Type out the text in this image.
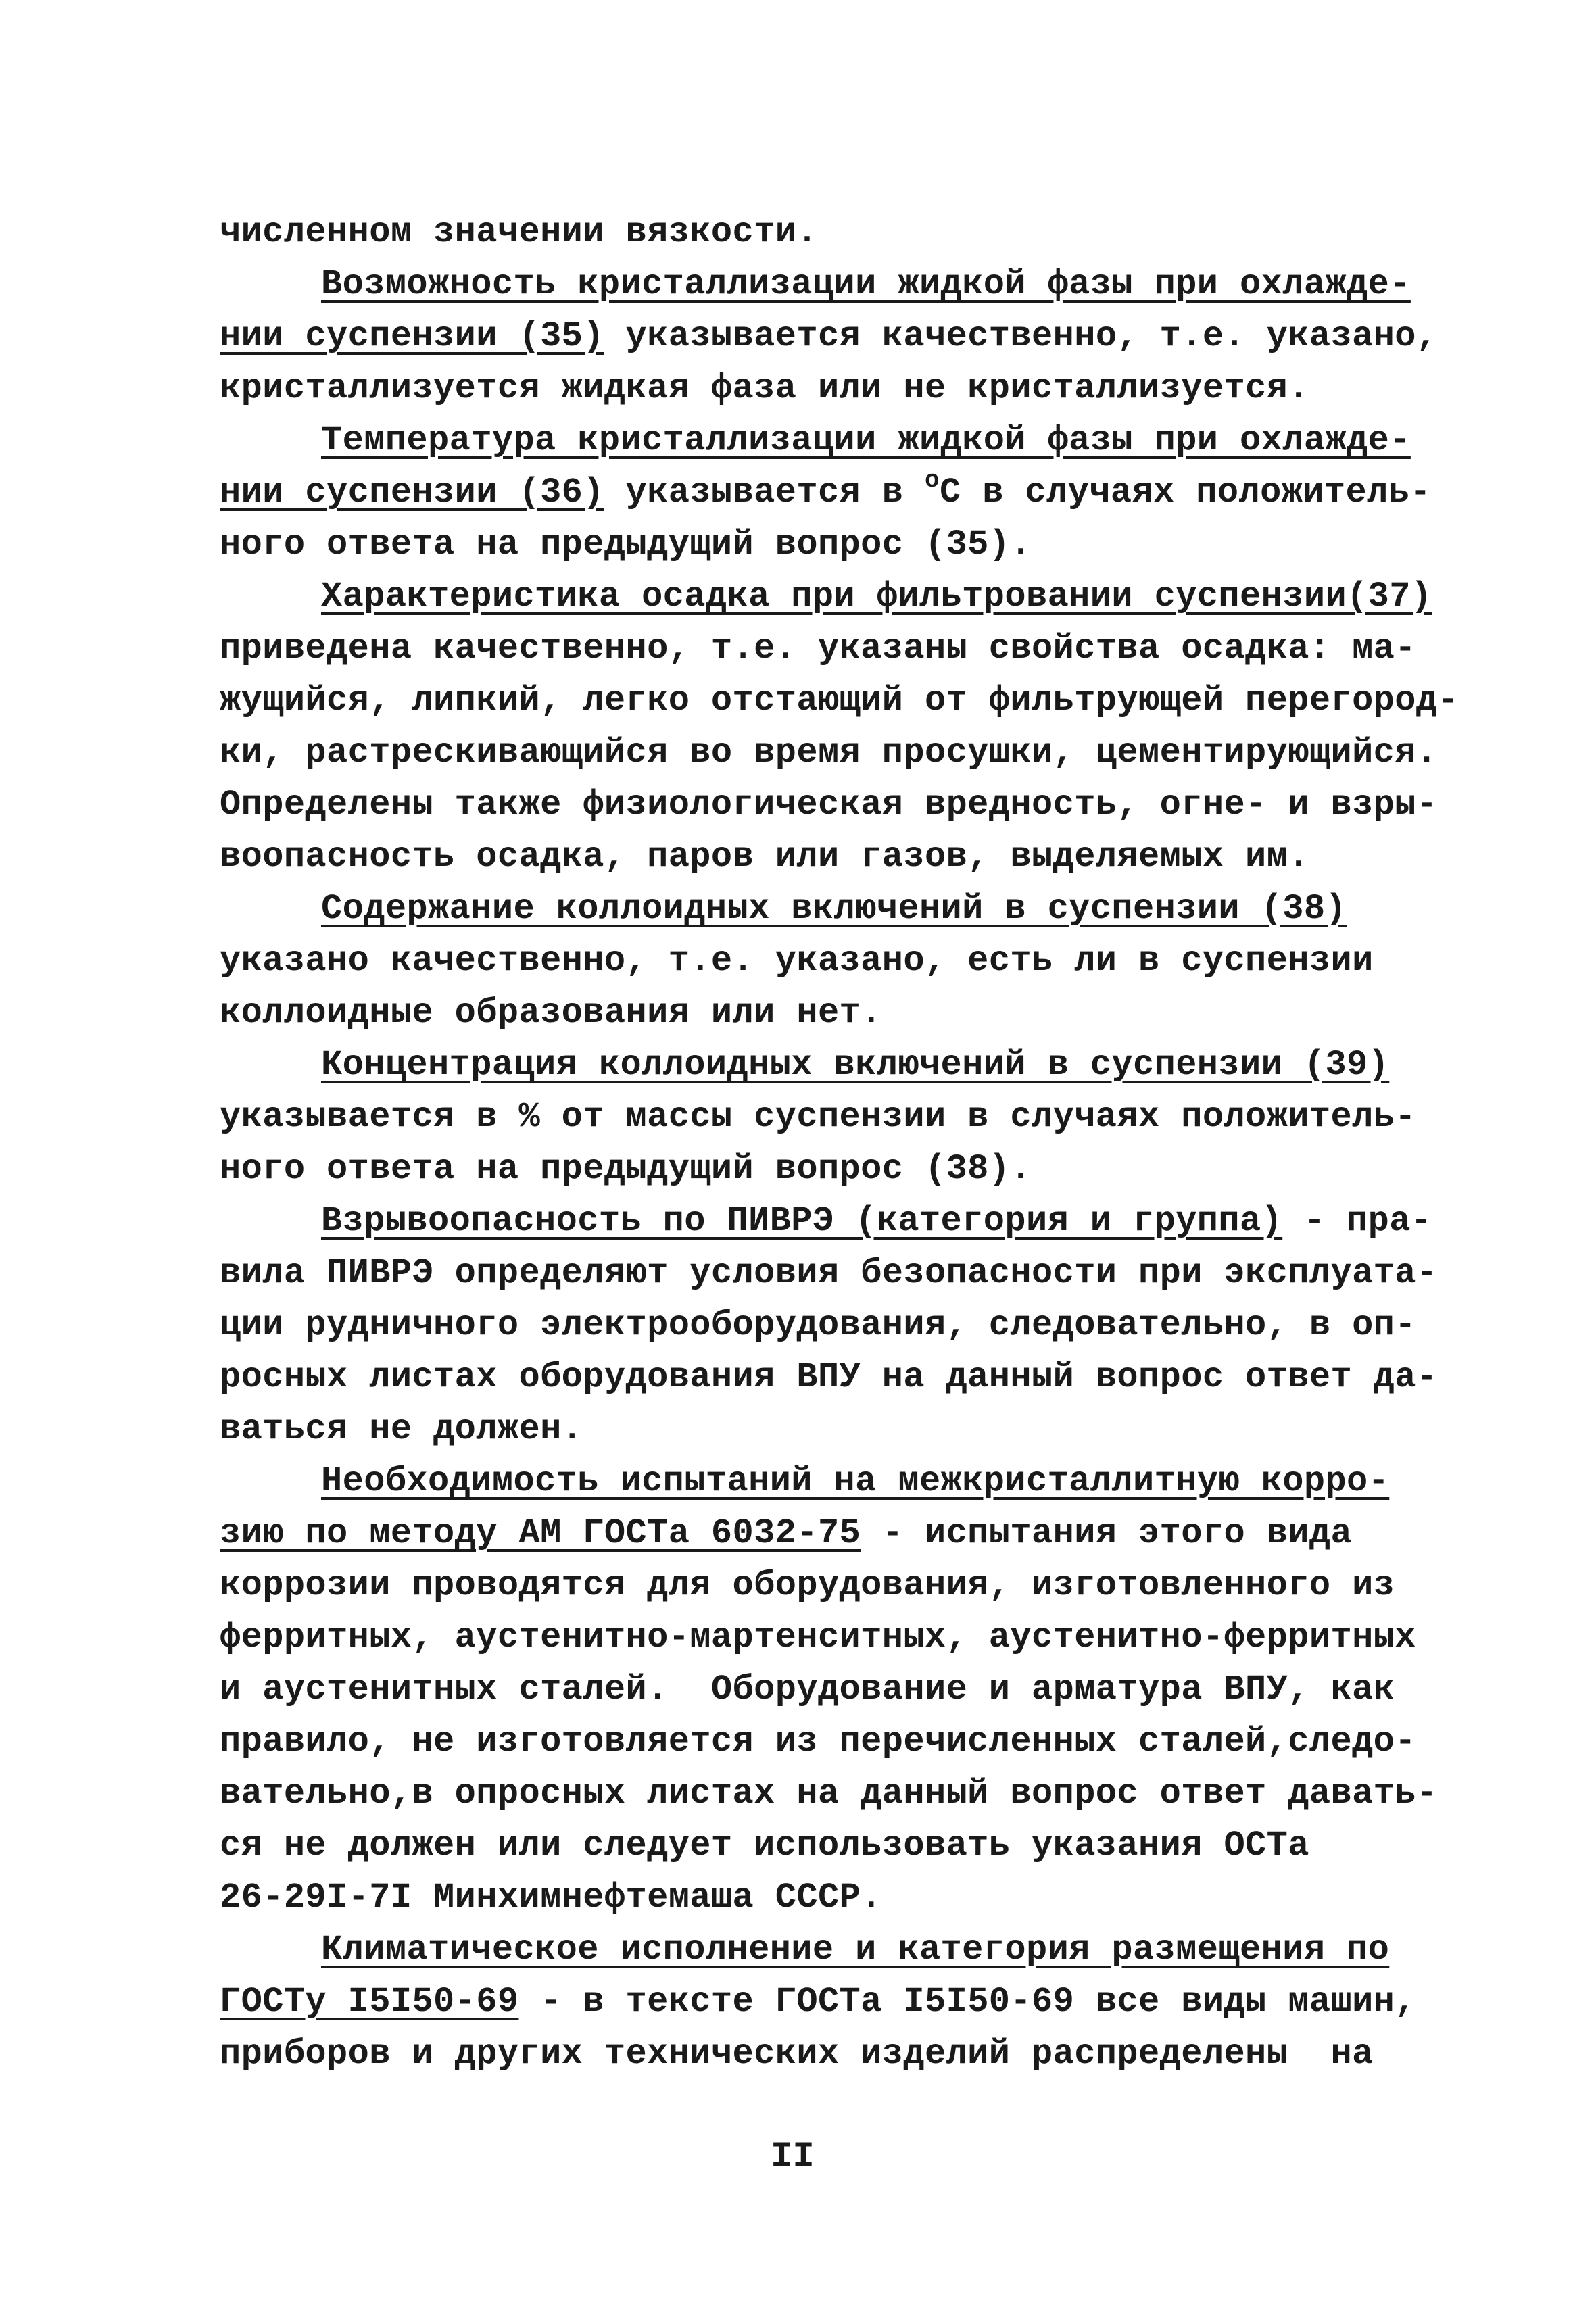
численном значении вязкости.
Возможность кристаллизации жидкой фазы при охлажде-
нии суспензии (35) указывается качественно, т.е. указано,
кристаллизуется жидкая фаза или не кристаллизуется.
Температура кристаллизации жидкой фазы при охлажде-
нии суспензии (36) указывается в $^о$С в случаях положитель-
ного ответа на предыдущий вопрос (35).
Характеристика осадка при фильтровании суспензии(37)
приведена качественно, т.е. указаны свойства осадка: ма-
жущийся, липкий, легко отстающий от фильтрующей перегород-
ки, растрескивающийся во время просушки, цементирующийся.
Определены также физиологическая вредность, огне- и взры-
воопасность осадка, паров или газов, выделяемых им.
Содержание коллоидных включений в суспензии (38)
указано качественно, т.е. указано, есть ли в суспензии
коллоидные образования или нет.
Концентрация коллоидных включений в суспензии (39)
указывается в % от массы суспензии в случаях положитель-
ного ответа на предыдущий вопрос (38).
Взрывоопасность по ПИВРЭ (категория и группа) - пра-
вила ПИВРЭ определяют условия безопасности при эксплуата-
ции рудничного электрооборудования, следовательно, в оп-
росных листах оборудования ВПУ на данный вопрос ответ да-
ваться не должен.
Необходимость испытаний на межкристаллитную корро-
зию по методу АМ ГОСТа 6032-75 - испытания этого вида
коррозии проводятся для оборудования, изготовленного из
ферритных, аустенитно-мартенситных, аустенитно-ферритных
и аустенитных сталей.  Оборудование и арматура ВПУ, как
правило, не изготовляется из перечисленных сталей,следо-
вательно,в опросных листах на данный вопрос ответ давать-
ся не должен или следует использовать указания ОСТа
26-29I-7I Минхимнефтемаша СССР.
Климатическое исполнение и категория размещения по
ГОСТу I5I50-69 - в тексте ГОСТа I5I50-69 все виды машин,
приборов и других технических изделий распределены  на
II
